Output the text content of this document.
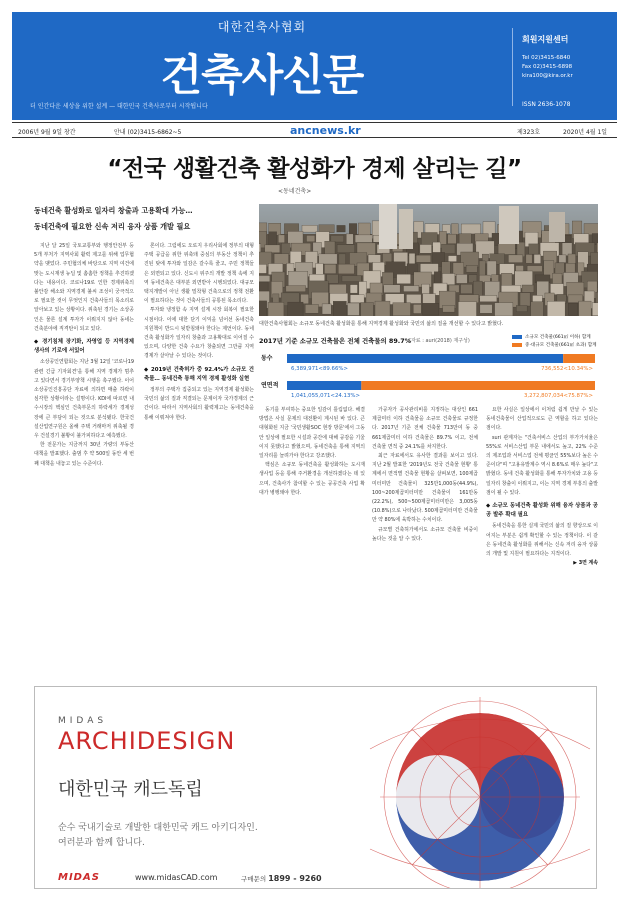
대한건축사협회
건축사신문
더 인간다운 세상을 위한 설계 — 대한민국 건축사로부터 시작됩니다
회원지원센터
Tel 02)3415-6840
Fax 02)3415-6898
kira100@kira.or.kr
ISSN 2636-1078
2006년 9월 9일 창간	안내 (02)3415-6862~5	ancnews.kr	제323호	2020년 4월 1일
“전국 생활건축 활성화가 경제 살리는 길”
<동네건축>
동네건축 활성화로 일자리 창출과 고용확대 가능…
동네건축에 필요한 신속 저리 융자 상품 개발 필요

지난 달 25일 국토교통부와 행정안전부 등 5개 부처가 지역사회 활력 제고를 위해 업무협약을 맺었다. 주민협의체 바탕으로 지역 여건에 맞는 도시재생 뉴딜 및 촘촘한 정책을 추진하겠다는 내용이다. 코로나19로 인한 경제위축의 불안감 해소와 지역경제 불씨 조성이 궁극적으로 필요한 것이 무엇인지 건축사들의 목소리로 알아보고 있는 상황이다. 위축된 경기는 소상공인은 물론 설계 투자가 이뤄지지 않아 동네는 건축분야에 직격탄이 되고 있다.

◆ 경기침체 장기화, 자영업 등 지역경제 생사의 기로에 서있어

소상공인연합회는 지난 3월 12일 '코로나19 관련 긴급 기자회견'을 통해 지역 경제가 멈추고 있다면서 경기부양책 시행을 촉구했다. 이어 소상공인진흥공단 자료에 의하면 매출 하락이 심각한 상황이라는 설명이다. KDI에 따르면 내수시장의 핵심인 건축부문의 하락세가 경제성장에 큰 부담이 되는 것으로 분석됐다. 한국건설산업연구원은 올해 주택 거래마저 위축될 경우 건설경기 불황이 불가피하다고 예측했다.

한 전문가는 지금까지 30년 가량의 부동산 대책을 발표했다. 출범 후 약 500일 동안 세 번째 대책을 내놓고 있는 수준이다.

론이다. 그럼에도 오로지 우리사회에 정부의 대형주택 공급을 위한 위축돼 중심의 부동산 정책이 추진된 탓에 투자와 일감은 갈수록 줄고, 주민 정책들은 외면되고 있다. 신도시 위주의 개발 정책 속에 지역 동네건축은 대부분 외면받아 시행되었다. 대규모 택지개발이 아닌 생활 밀착형 건축으로의 정책 전환이 필요하다는 것이 건축사들의 공통된 목소리다.

투자와 냉정함 속 지역 설계 시장 회복이 필요한 시점이다. 이에 대한 단기 이익을 넘어선 동네건축 지원책이 반드시 뒷받침돼야 한다는 제언이다. 동네건축 활성화가 일자리 창출과 고용확대로 이어질 수 있으며, 다양한 건축 수요가 창출되면 그만큼 지역 경제가 살아날 수 있다는 것이다.

◆ 2019년 건축허가 중 92.4%가 소규모 건축물… 동네건축 통해 지역 경제 활성화 실현

정부의 주택가 집중되고 있는 지역경제 활성화는 국민의 삶의 질과 직결되는 문제이자 국가경제의 근간이다. 따라서 지역사회의 활력제고는 동네건축을 통해 이뤄져야 한다.

대한건축사협회는 소규모 동네건축 활성화를 통해 지역경제 활성화와 국민의 삶의 질을 개선할 수 있다고 밝혔다.
2017년 기준 소규모 건축물은 전체 건축물의 89.7%
(자료 : auri(2018) 재구성)
소규모 건축물(661㎡ 이하) 합계
중·대규모 건축물(661㎡ 초과) 합계
동수
연면적
6,389,971<89.66%>	736,552<10.34%>
1,041,055,071<24.13%>	3,272,807,034<75.87%>

동기를 부여하는 중요한 일감이 틀림없다. 해결방법은 사실 문제의 대전환이 계시된 바 있다. 큰 대형화된 지금 '국민생활SOC 현장 방문'에서 그동안 일상에 필요한 시설과 공간에 대해 공감을 기울이지 못했다고 밝혔으며, 동네건축을 통해 지역의 일자리를 늘려가야 한다고 강조했다.

핵심은 소규모 동네건축을 활성화하는 도시재생사업 등을 통해 주거환경을 개선하겠다는 데 있으며, 건축사가 참여할 수 있는 공공건축 사업 확대가 병행돼야 한다.

가공자가 공사관리비를 지정하는 대상인 661제곱미터 이하 건축물을 소규모 건축물로 규정한다. 2017년 기준 전체 건축물 713만여 동 중 661제곱미터 이하 건축물은 89.7% 이고, 전체 건축물 면적 중 24.1%를 차지한다.

최근 자료에서도 유사한 결과를 보이고 있다. 지난 2월 발표한 '2019년도 전국 건축물 현황' 통계에서 면적별 건축물 현황을 살펴보면, 100제곱미터미만 건축물이 325만1,000동(44.9%), 100~200제곱미터미만 건축물이 161만동(22.2%), 500~500제곱미터미만은 3,005동(10.8%)으로 나타났다. 500제곱미터미만 건축물만 약 80%에 육박하는 수치이다.

규모별 건축허가에서도 소규모 건축물 비중이 높다는 것을 알 수 있다.

요한 사실은 일상에서 이처럼 쉽게 만날 수 있는 동네건축물이 산업적으로도 큰 역할을 하고 있다는 점이다.

suri 관계자는 "건축서비스 산업의 부가가치율은 55%로 서비스산업 부문 내에서도 높고, 22% 수준의 제조업과 서비스업 전체 평균인 55%보다 높은 수준이다"며 "고용유발계수 역시 8.6%로 매우 높다"고 밝혔다. 동네 건축 활성화를 통해 투자가치와 고용 등 일자리 창출이 이뤄지고, 이는 지역 경제 부흥의 출발점이 될 수 있다.

◆ 소규모 동네건축 활성화 위해 융자 상품과 공공 발주 확대 필요

동네건축을 통한 실제 국민의 삶의 질 향상으로 이어지는 부분은 쉽게 확인할 수 있는 정책이다. 이 같은 동네건축 활성화를 위해서는 신속 저리 융자 상품의 개발 및 지원이 필요하다는 지적이다.

▶ 3면 계속

MIDAS
ARCHIDESIGN
대한민국 캐드독립
순수 국내기술로 개발한 대한민국 캐드 아키디자인.
여러분과 함께 합니다.
MIDAS	www.midasCAD.com	구매문의 1899 - 9260
